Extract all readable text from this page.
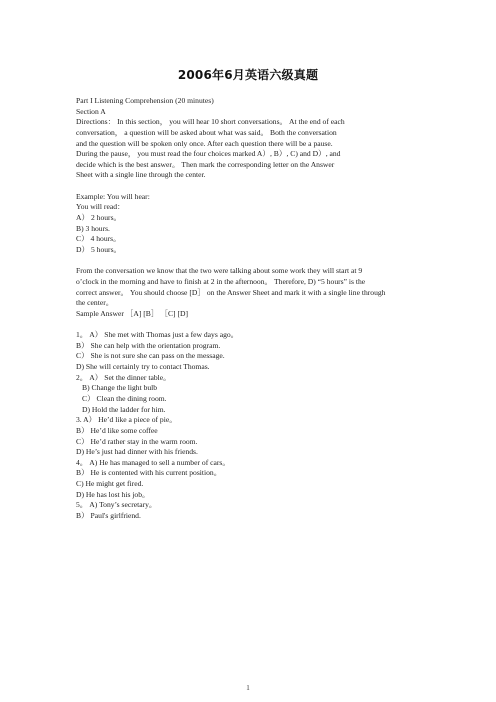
2006年6月英语六级真题
Part I Listening Comprehension (20 minutes)
Section A
Directions： In this section， you will hear 10 short conversations。 At the end of each
conversation， a question will be asked about what was said。 Both the conversation
and the question will be spoken only once. After each question there will be a pause.
During the pause， you must read the four choices marked A）, B）, C) and D）, and
decide which is the best answer。 Then mark the corresponding letter on the Answer
Sheet with a single line through the center.
Example: You will hear:
You will read：
A） 2 hours。
B) 3 hours.
C） 4 hours。
D） 5 hours。
From the conversation we know that the two were talking about some work they will start at 9
o’clock in the morning and have to finish at 2 in the afternoon。 Therefore, D) “5 hours” is the
correct answer。 You should choose [D］ on the Answer Sheet and mark it with a single line through
the center。
Sample Answer ［A] [B］ ［C] [D]
1。 A） She met with Thomas just a few days ago。
B） She can help with the orientation program.
C） She is not sure she can pass on the message.
D) She will certainly try to contact Thomas.
2。 A） Set the dinner table。
B) Change the light bulb
C） Clean the dining room.
D) Hold the ladder for him.
3. A） He’d like a piece of pie。
B） He’d like some coffee
C） He’d rather stay in the warm room.
D) He’s just had dinner with his friends.
4。 A) He has managed to sell a number of cars。
B） He is contented with his current position。
C) He might get fired.
D) He has lost his job。
5。 A) Tony’s secretary。
B） Paul's girlfriend.
1
